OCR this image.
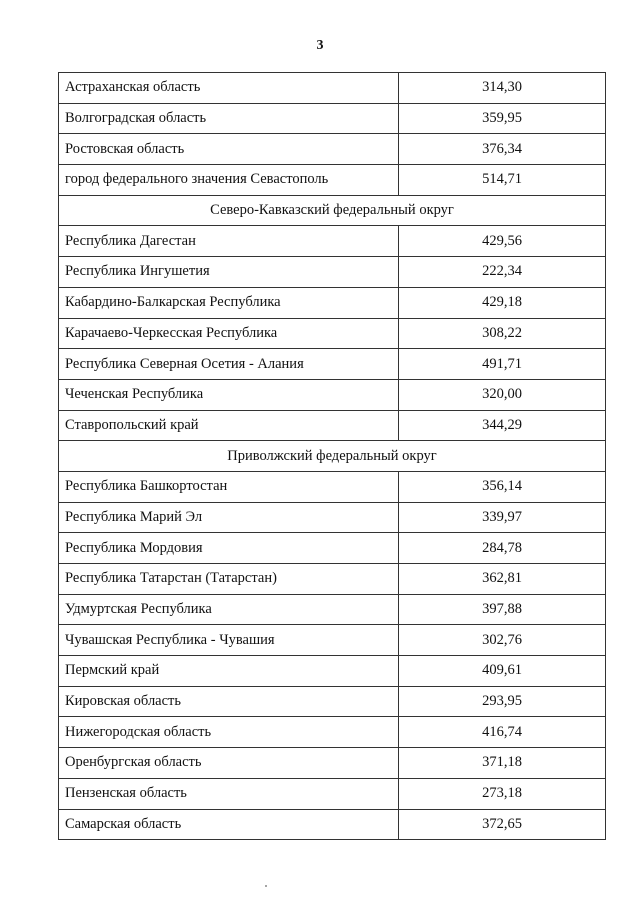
3
Астраханская область	314,30
Волгоградская область	359,95
Ростовская область	376,34
город федерального значения Севастополь	514,71
Северо-Кавказский федеральный округ	
Республика Дагестан	429,56
Республика Ингушетия	222,34
Кабардино-Балкарская Республика	429,18
Карачаево-Черкесская Республика	308,22
Республика Северная Осетия - Алания	491,71
Чеченская Республика	320,00
Ставропольский край	344,29
Приволжский федеральный округ	
Республика Башкортостан	356,14
Республика Марий Эл	339,97
Республика Мордовия	284,78
Республика Татарстан (Татарстан)	362,81
Удмуртская Республика	397,88
Чувашская Республика - Чувашия	302,76
Пермский край	409,61
Кировская область	293,95
Нижегородская область	416,74
Оренбургская область	371,18
Пензенская область	273,18
Самарская область	372,65
